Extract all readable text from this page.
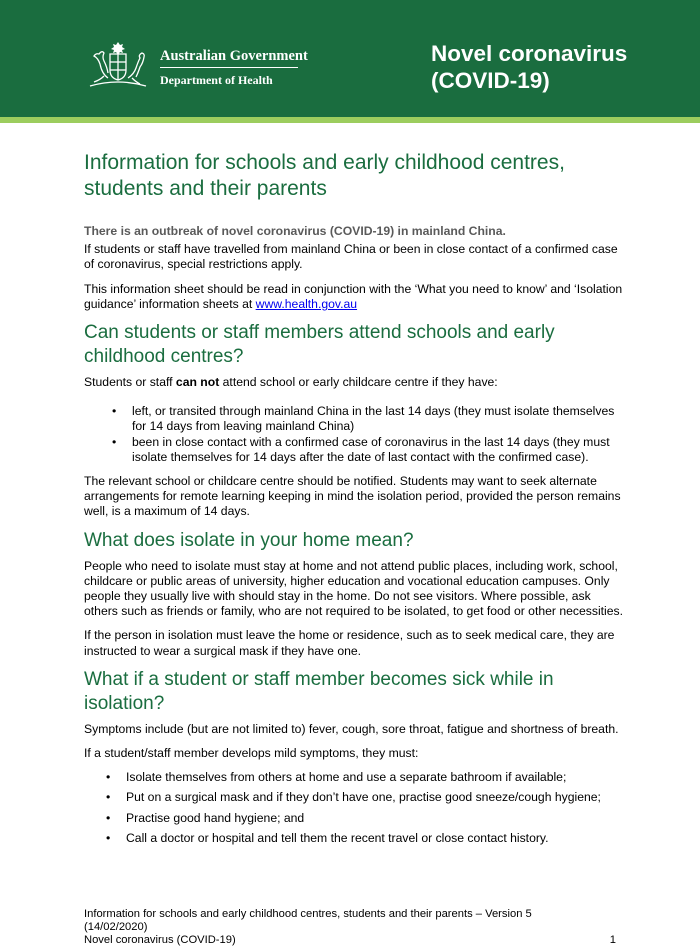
Australian Government
Department of Health
Novel coronavirus
(COVID-19)
Information for schools and early childhood centres, students and their parents

There is an outbreak of novel coronavirus (COVID-19) in mainland China.

If students or staff have travelled from mainland China or been in close contact of a confirmed case of coronavirus, special restrictions apply.

This information sheet should be read in conjunction with the ‘What you need to know’ and ‘Isolation guidance’ information sheets at www.health.gov.au

Can students or staff members attend schools and early childhood centres?

Students or staff can not attend school or early childcare centre if they have:

• left, or transited through mainland China in the last 14 days (they must isolate themselves for 14 days from leaving mainland China)
• been in close contact with a confirmed case of coronavirus in the last 14 days (they must isolate themselves for 14 days after the date of last contact with the confirmed case).

The relevant school or childcare centre should be notified. Students may want to seek alternate arrangements for remote learning keeping in mind the isolation period, provided the person remains well, is a maximum of 14 days.

What does isolate in your home mean?

People who need to isolate must stay at home and not attend public places, including work, school, childcare or public areas of university, higher education and vocational education campuses. Only people they usually live with should stay in the home. Do not see visitors. Where possible, ask others such as friends or family, who are not required to be isolated, to get food or other necessities.

If the person in isolation must leave the home or residence, such as to seek medical care, they are instructed to wear a surgical mask if they have one.

What if a student or staff member becomes sick while in isolation?

Symptoms include (but are not limited to) fever, cough, sore throat, fatigue and shortness of breath.

If a student/staff member develops mild symptoms, they must:

• Isolate themselves from others at home and use a separate bathroom if available;
• Put on a surgical mask and if they don’t have one, practise good sneeze/cough hygiene;
• Practise good hand hygiene; and
• Call a doctor or hospital and tell them the recent travel or close contact history.
Information for schools and early childhood centres, students and their parents – Version 5
(14/02/2020)
Novel coronavirus (COVID-19)	1
